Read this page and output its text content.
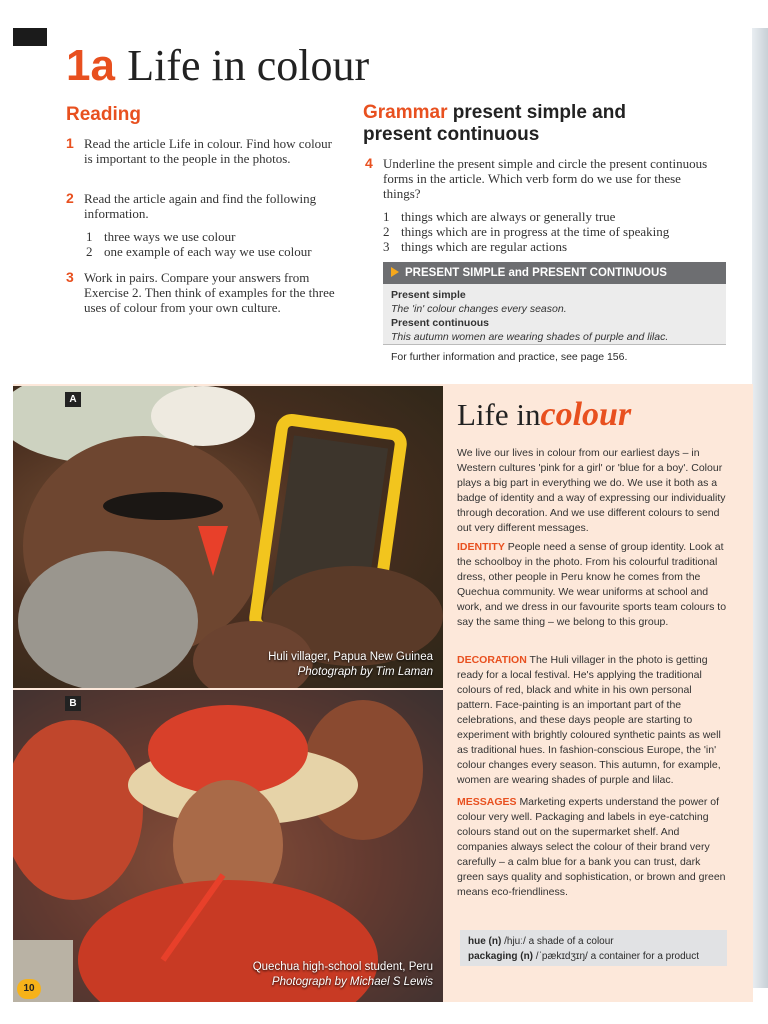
1a Life in colour
Reading
1 Read the article Life in colour. Find how colour is important to the people in the photos.
2 Read the article again and find the following information.
1 three ways we use colour
2 one example of each way we use colour
3 Work in pairs. Compare your answers from Exercise 2. Then think of examples for the three uses of colour from your own culture.
Grammar present simple and
present continuous
4 Underline the present simple and circle the present continuous forms in the article. Which verb form do we use for these things?
1 things which are always or generally true
2 things which are in progress at the time of speaking
3 things which are regular actions
PRESENT SIMPLE and PRESENT CONTINUOUS
Present simple
The 'in' colour changes every season.
Present continuous
This autumn women are wearing shades of purple and lilac.
For further information and practice, see page 156.
A
Huli villager, Papua New Guinea
Photograph by Tim Laman
B
Quechua high-school student, Peru
Photograph by Michael S Lewis
10
Life incolour
We live our lives in colour from our earliest days – in Western cultures 'pink for a girl' or 'blue for a boy'. Colour plays a big part in everything we do. We use it both as a badge of identity and a way of expressing our individuality through decoration. And we use different colours to send out very different messages.
IDENTITY People need a sense of group identity. Look at the schoolboy in the photo. From his colourful traditional dress, other people in Peru know he comes from the Quechua community. We wear uniforms at school and work, and we dress in our favourite sports team colours to say the same thing – we belong to this group.
DECORATION The Huli villager in the photo is getting ready for a local festival. He's applying the traditional colours of red, black and white in his own personal pattern. Face-painting is an important part of the celebrations, and these days people are starting to experiment with brightly coloured synthetic paints as well as traditional hues. In fashion-conscious Europe, the 'in' colour changes every season. This autumn, for example, women are wearing shades of purple and lilac.
MESSAGES Marketing experts understand the power of colour very well. Packaging and labels in eye-catching colours stand out on the supermarket shelf. And companies always select the colour of their brand very carefully – a calm blue for a bank you can trust, dark green says quality and sophistication, or brown and green means eco-friendliness.
hue (n) /hjuː/ a shade of a colour
packaging (n) /ˈpækɪdʒɪŋ/ a container for a product
